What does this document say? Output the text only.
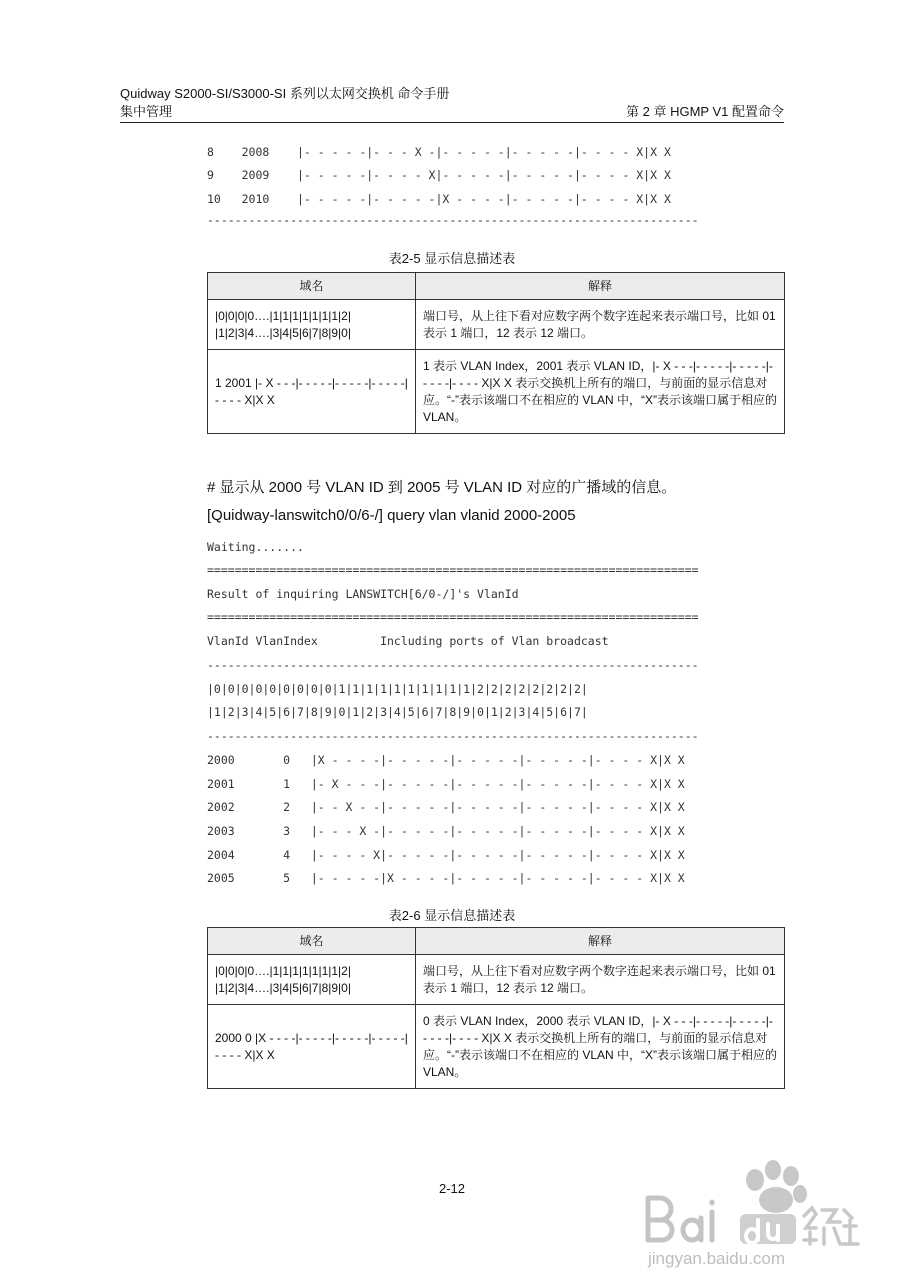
Quidway S2000-SI/S3000-SI 系列以太网交换机 命令手册
集中管理	第 2 章 HGMP V1 配置命令
8    2008    |- - - - -|- - - X -|- - - - -|- - - - -|- - - - X|X X
9    2009    |- - - - -|- - - - X|- - - - -|- - - - -|- - - - X|X X
10   2010    |- - - - -|- - - - -|X - - - -|- - - - -|- - - - X|X X
-----------------------------------------------------------------------
表2-5 显示信息描述表
域名	解释
|0|0|0|0….|1|1|1|1|1|1|1|2|
|1|2|3|4….|3|4|5|6|7|8|9|0|	端口号，从上往下看对应数字两个数字连起来表示端口号，比如 01 表示 1 端口，12 表示 12 端口。
1 2001 |- X - - -|- - - - -|- - - - -|- - - - -|- - - - X|X X	1 表示 VLAN Index，2001 表示 VLAN ID，|- X - - -|- - - - -|- - - - -|- - - - -|- - - - X|X X 表示交换机上所有的端口，与前面的显示信息对应。“-”表示该端口不在相应的 VLAN 中，“X”表示该端口属于相应的 VLAN。
# 显示从 2000 号 VLAN ID 到 2005 号 VLAN ID 对应的广播域的信息。
[Quidway-lanswitch0/0/6-/] query vlan vlanid 2000-2005
Waiting.......
=======================================================================
Result of inquiring LANSWITCH[6/0-/]'s VlanId
=======================================================================
VlanId VlanIndex         Including ports of Vlan broadcast
-----------------------------------------------------------------------
|0|0|0|0|0|0|0|0|0|1|1|1|1|1|1|1|1|1|1|2|2|2|2|2|2|2|2|
|1|2|3|4|5|6|7|8|9|0|1|2|3|4|5|6|7|8|9|0|1|2|3|4|5|6|7|
-----------------------------------------------------------------------
2000       0   |X - - - -|- - - - -|- - - - -|- - - - -|- - - - X|X X
2001       1   |- X - - -|- - - - -|- - - - -|- - - - -|- - - - X|X X
2002       2   |- - X - -|- - - - -|- - - - -|- - - - -|- - - - X|X X
2003       3   |- - - X -|- - - - -|- - - - -|- - - - -|- - - - X|X X
2004       4   |- - - - X|- - - - -|- - - - -|- - - - -|- - - - X|X X
2005       5   |- - - - -|X - - - -|- - - - -|- - - - -|- - - - X|X X
表2-6 显示信息描述表
域名	解释
|0|0|0|0….|1|1|1|1|1|1|1|2|
|1|2|3|4….|3|4|5|6|7|8|9|0|	端口号，从上往下看对应数字两个数字连起来表示端口号，比如 01 表示 1 端口，12 表示 12 端口。
2000 0 |X - - - -|- - - - -|- - - - -|- - - - -|- - - - X|X X	0 表示 VLAN Index，2000 表示 VLAN ID，|- X - - -|- - - - -|- - - - -|- - - - -|- - - - X|X X 表示交换机上所有的端口，与前面的显示信息对应。“-”表示该端口不在相应的 VLAN 中，“X”表示该端口属于相应的 VLAN。
2-12
jingyan.baidu.com
